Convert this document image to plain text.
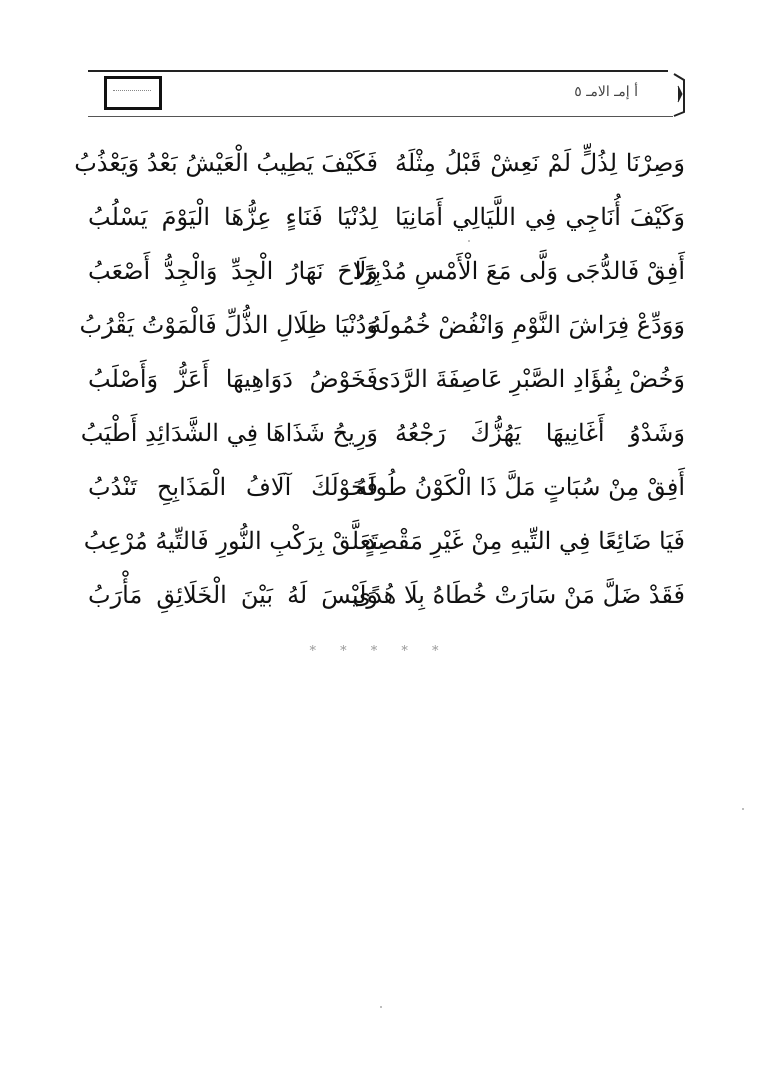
أ إمـ الامـ ٥
وَصِرْنَا لِذُلٍّ لَمْ نَعِشْ قَبْلُ مِثْلَهُ
فَكَيْفَ يَطِيبُ الْعَيْشُ بَعْدُ وَيَعْذُبُ
وَكَيْفَ أُنَاجِي فِي اللَّيَالِي أَمَانِيَا
لِدُنْيَا فَنَاءٍ عِزُّهَا الْيَوْمَ يَسْلُبُ
أَفِقْ فَالدُّجَى وَلَّى مَعَ الْأَمْسِ مُدْبِرًا
وَلَاحَ نَهَارُ الْجِدِّ وَالْجِدُّ أَصْعَبُ
وَوَدِّعْ فِرَاشَ النَّوْمِ وَانْفُضْ خُمُولَهُ
وَدُنْيَا ظِلَالِ الذُّلِّ فَالْمَوْتُ يَقْرُبُ
وَخُضْ بِفُؤَادِ الصَّبْرِ عَاصِفَةَ الرَّدَى
فَخَوْضُ دَوَاهِيهَا أَعَزُّ وَأَصْلَبُ
وَشَدْوُ أَغَانِيهَا يَهُزُّكَ رَجْعُهُ
وَرِيحُ شَذَاهَا فِي الشَّدَائِدِ أَطْيَبُ
أَفِقْ مِنْ سُبَاتٍ مَلَّ ذَا الْكَوْنُ طُولَهُ
فَحَوْلَكَ آلَافُ الْمَذَابِحِ تَنْدُبُ
فَيَا ضَائِعًا فِي التِّيهِ مِنْ غَيْرِ مَقْصِدٍ
تَعَلَّقْ بِرَكْبِ النُّورِ فَالتِّيهُ مُرْعِبُ
فَقَدْ ضَلَّ مَنْ سَارَتْ خُطَاهُ بِلَا هُدًى
وَلَيْسَ لَهُ بَيْنَ الْخَلَائِقِ مَأْرَبُ
* * * * *
